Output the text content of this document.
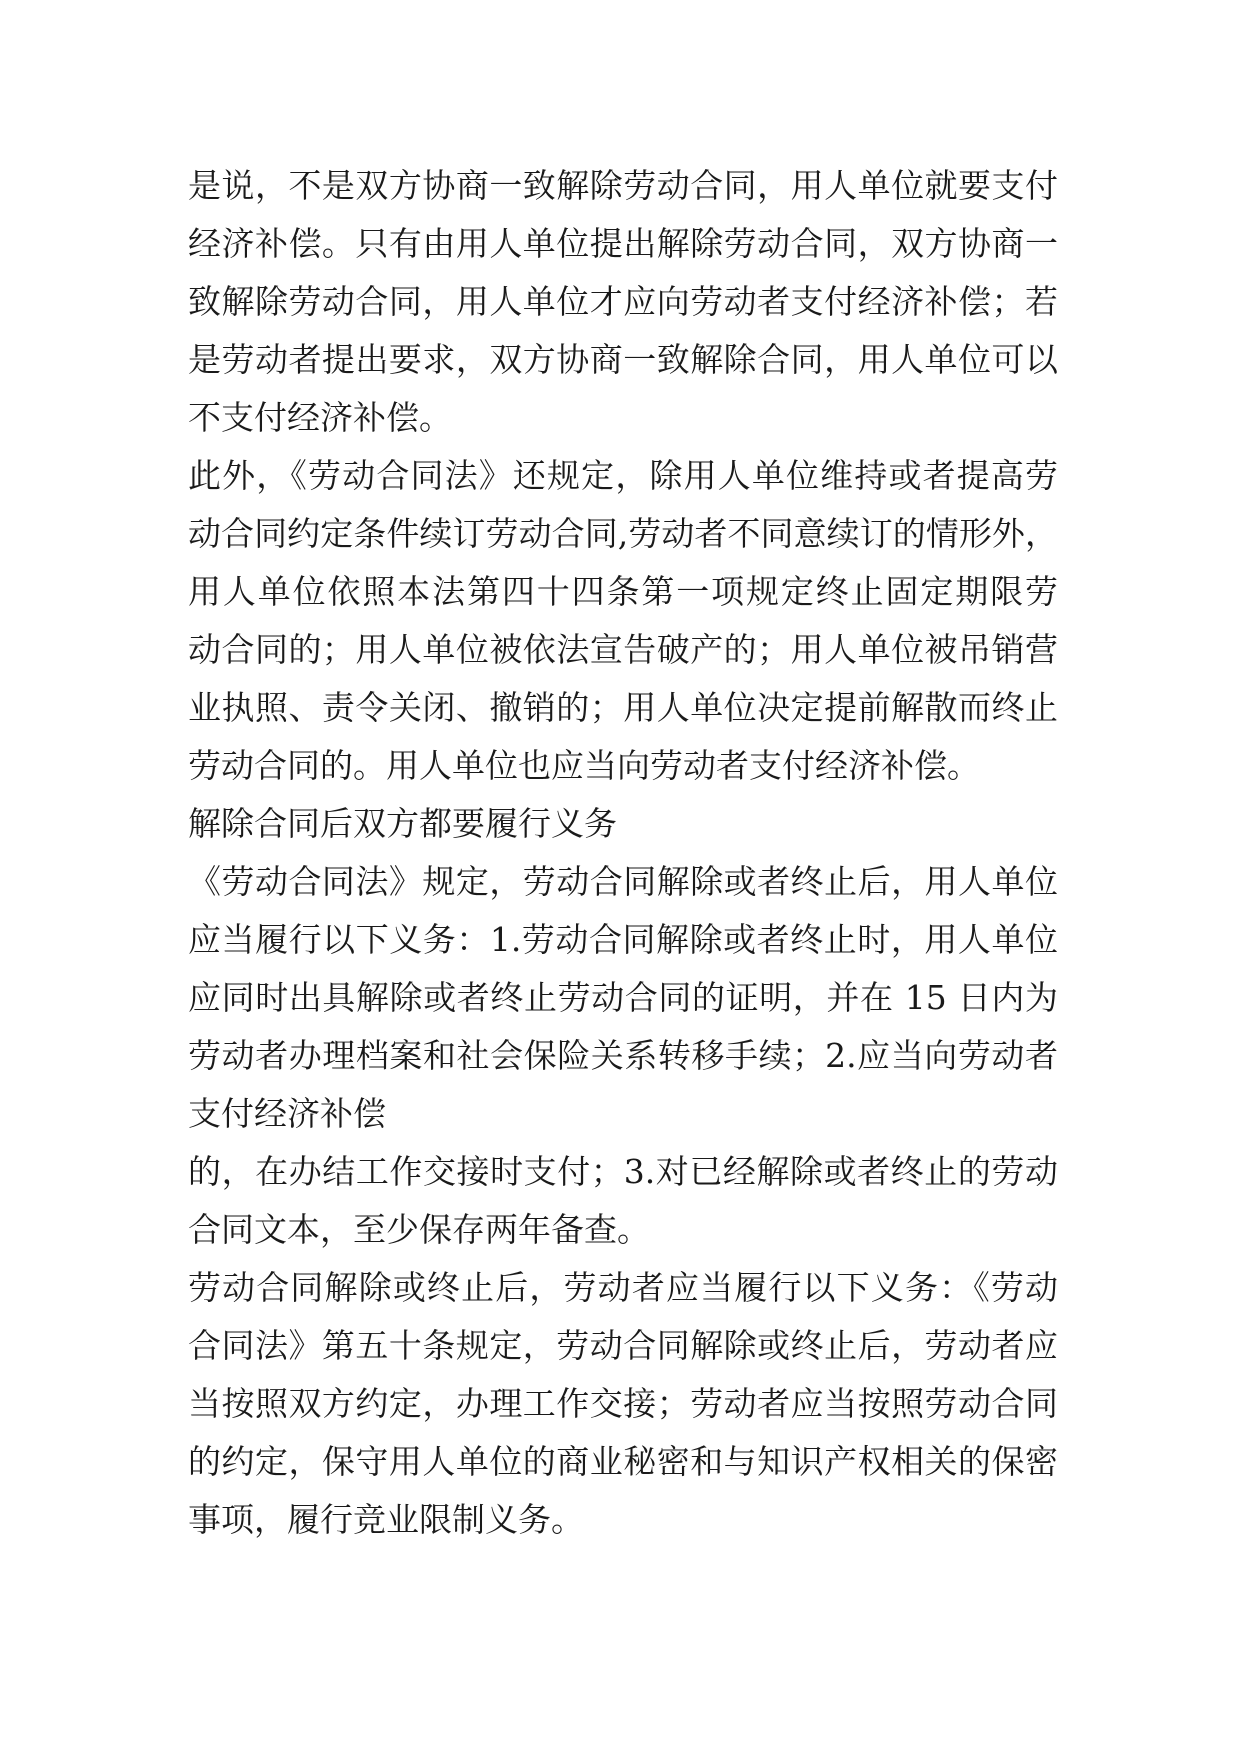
是说，不是双方协商一致解除劳动合同，用人单位就要支付
经济补偿。只有由用人单位提出解除劳动合同，双方协商一
致解除劳动合同，用人单位才应向劳动者支付经济补偿；若
是劳动者提出要求，双方协商一致解除合同，用人单位可以
不支付经济补偿。
此外，《劳动合同法》还规定，除用人单位维持或者提高劳
动合同约定条件续订劳动合同,劳动者不同意续订的情形外，
用人单位依照本法第四十四条第一项规定终止固定期限劳
动合同的；用人单位被依法宣告破产的；用人单位被吊销营
业执照、责令关闭、撤销的；用人单位决定提前解散而终止
劳动合同的。用人单位也应当向劳动者支付经济补偿。
解除合同后双方都要履行义务
《劳动合同法》规定，劳动合同解除或者终止后，用人单位
应当履行以下义务：1.劳动合同解除或者终止时，用人单位
应同时出具解除或者终止劳动合同的证明，并在 15 日内为
劳动者办理档案和社会保险关系转移手续；2.应当向劳动者
支付经济补偿
的，在办结工作交接时支付；3.对已经解除或者终止的劳动
合同文本，至少保存两年备查。
劳动合同解除或终止后，劳动者应当履行以下义务：《劳动
合同法》第五十条规定，劳动合同解除或终止后，劳动者应
当按照双方约定，办理工作交接；劳动者应当按照劳动合同
的约定，保守用人单位的商业秘密和与知识产权相关的保密
事项，履行竞业限制义务。
